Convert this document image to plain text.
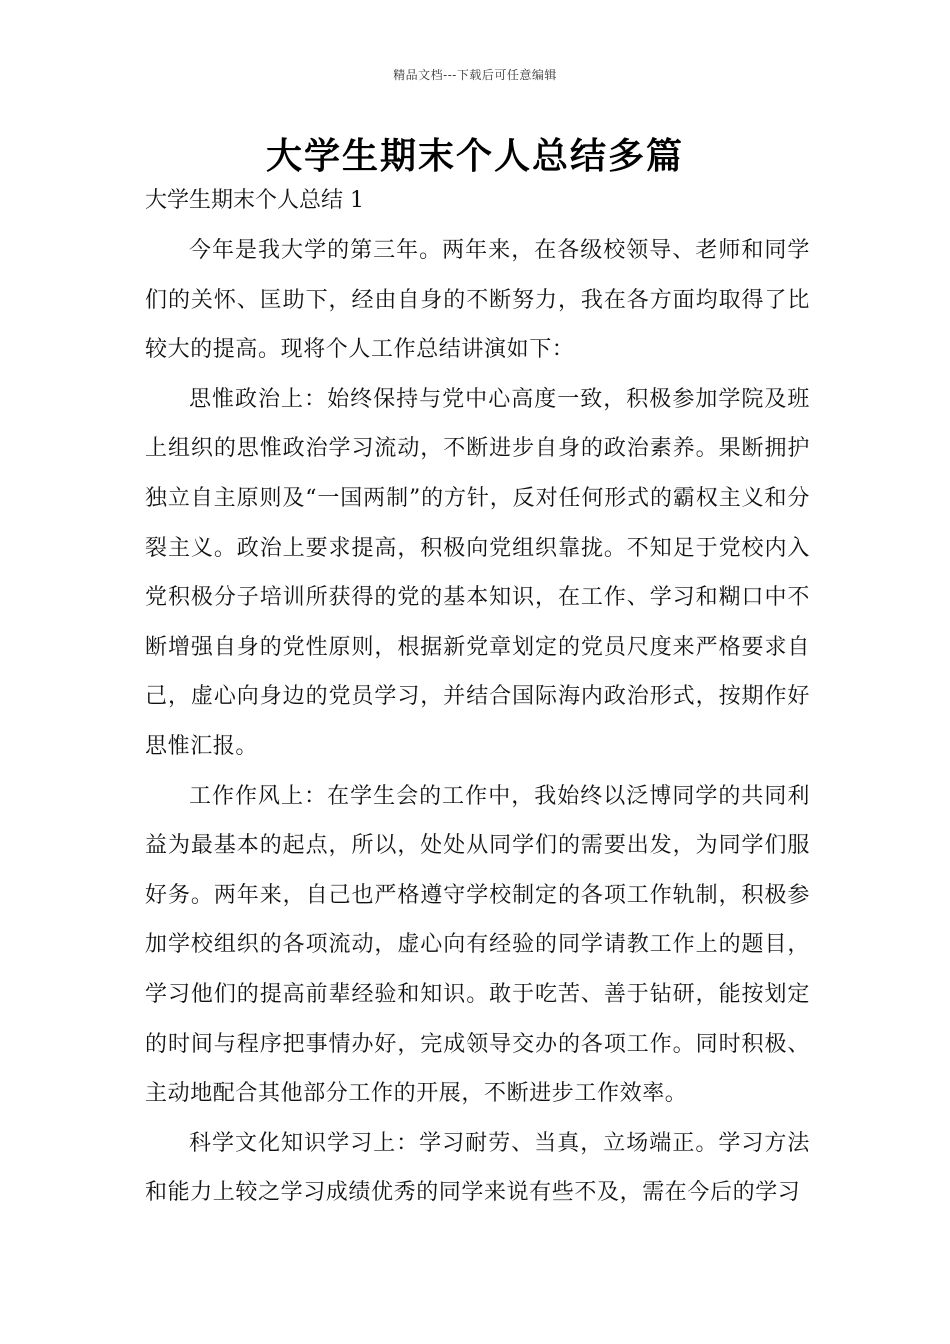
精品文档---下载后可任意编辑
大学生期末个人总结多篇
大学生期末个人总结 1

今年是我大学的第三年。两年来，在各级校领导、老师和同学们的关怀、匡助下，经由自身的不断努力，我在各方面均取得了比较大的提高。现将个人工作总结讲演如下：

思惟政治上：始终保持与党中心高度一致，积极参加学院及班上组织的思惟政治学习流动，不断进步自身的政治素养。果断拥护独立自主原则及“一国两制”的方针，反对任何形式的霸权主义和分裂主义。政治上要求提高，积极向党组织靠拢。不知足于党校内入党积极分子培训所获得的党的基本知识，在工作、学习和糊口中不断增强自身的党性原则，根据新党章划定的党员尺度来严格要求自己，虚心向身边的党员学习，并结合国际海内政治形式，按期作好思惟汇报。

工作作风上：在学生会的工作中，我始终以泛博同学的共同利益为最基本的起点，所以，处处从同学们的需要出发，为同学们服好务。两年来，自己也严格遵守学校制定的各项工作轨制，积极参加学校组织的各项流动，虚心向有经验的同学请教工作上的题目，学习他们的提高前辈经验和知识。敢于吃苦、善于钻研，能按划定的时间与程序把事情办好，完成领导交办的各项工作。同时积极、主动地配合其他部分工作的开展，不断进步工作效率。

科学文化知识学习上：学习耐劳、当真，立场端正。学习方法和能力上较之学习成绩优秀的同学来说有些不及，需在今后的学习
